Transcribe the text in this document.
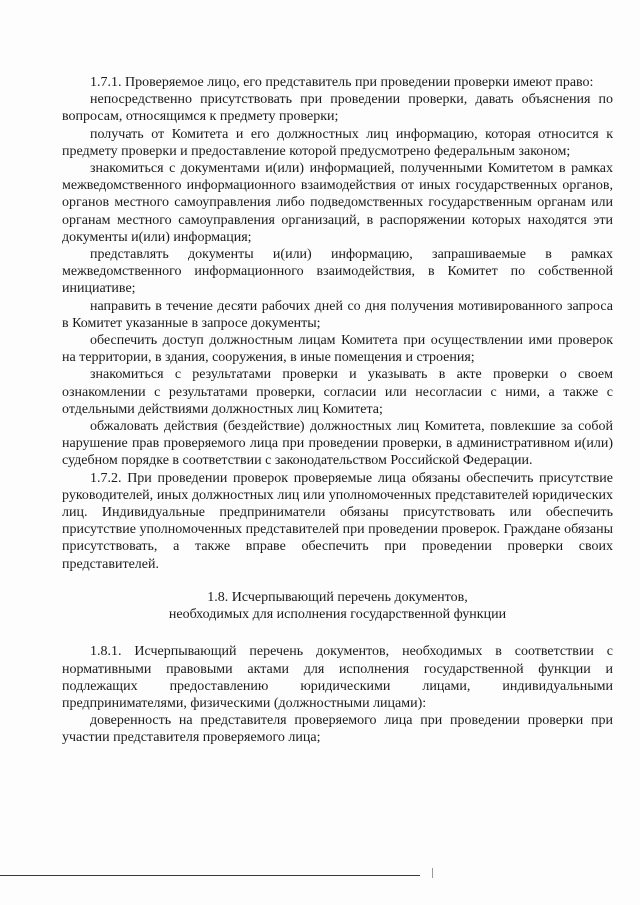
1.7.1. Проверяемое лицо, его представитель при проведении проверки имеют право:

непосредственно присутствовать при проведении проверки, давать объяснения по вопросам, относящимся к предмету проверки;

получать от Комитета и его должностных лиц информацию, которая относится к предмету проверки и предоставление которой предусмотрено федеральным законом;

знакомиться с документами и(или) информацией, полученными Комитетом в рамках межведомственного информационного взаимодействия от иных государственных органов, органов местного самоуправления либо подведомственных государственным органам или органам местного самоуправления организаций, в распоряжении которых находятся эти документы и(или) информация;

представлять документы и(или) информацию, запрашиваемые в рамках межведомственного информационного взаимодействия, в Комитет по собственной инициативе;

направить в течение десяти рабочих дней со дня получения мотивированного запроса в Комитет указанные в запросе документы;

обеспечить доступ должностным лицам Комитета при осуществлении ими проверок на территории, в здания, сооружения, в иные помещения и строения;

знакомиться с результатами проверки и указывать в акте проверки о своем ознакомлении с результатами проверки, согласии или несогласии с ними, а также с отдельными действиями должностных лиц Комитета;

обжаловать действия (бездействие) должностных лиц Комитета, повлекшие за собой нарушение прав проверяемого лица при проведении проверки, в административном и(или) судебном порядке в соответствии с законодательством Российской Федерации.

1.7.2. При проведении проверок проверяемые лица обязаны обеспечить присутствие руководителей, иных должностных лиц или уполномоченных представителей юридических лиц. Индивидуальные предприниматели обязаны присутствовать или обеспечить присутствие уполномоченных представителей при проведении проверок. Граждане обязаны присутствовать, а также вправе обеспечить при проведении проверки своих представителей.

1.8. Исчерпывающий перечень документов,

необходимых для исполнения государственной функции

1.8.1. Исчерпывающий перечень документов, необходимых в соответствии с нормативными правовыми актами для исполнения государственной функции и подлежащих предоставлению юридическими лицами, индивидуальными предпринимателями, физическими (должностными лицами):

доверенность на представителя проверяемого лица при проведении проверки при участии представителя проверяемого лица;
